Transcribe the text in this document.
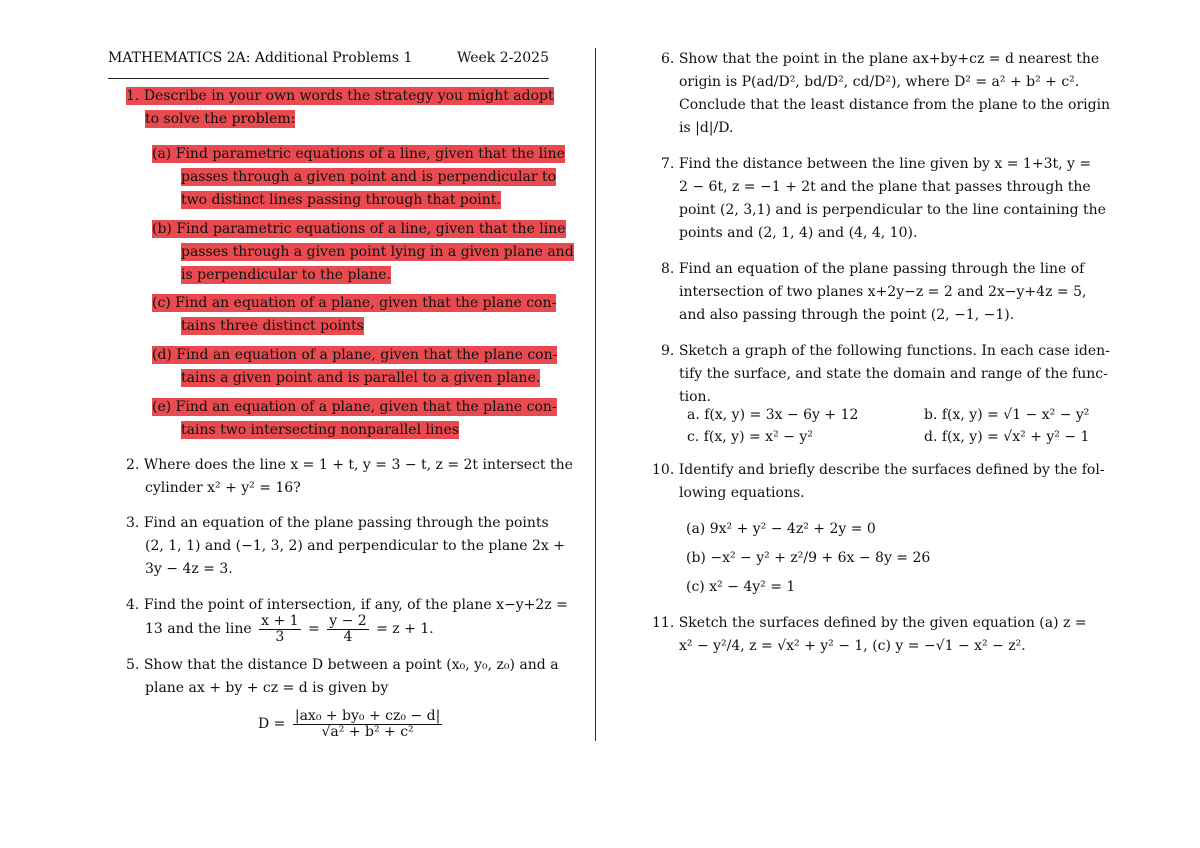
MATHEMATICS 2A: Additional Problems 1	Week 2-2025
1. Describe in your own words the strategy you might adopt
to solve the problem:
(a) Find parametric equations of a line, given that the line
passes through a given point and is perpendicular to
two distinct lines passing through that point.
(b) Find parametric equations of a line, given that the line
passes through a given point lying in a given plane and
is perpendicular to the plane.
(c) Find an equation of a plane, given that the plane con-
tains three distinct points
(d) Find an equation of a plane, given that the plane con-
tains a given point and is parallel to a given plane.
(e) Find an equation of a plane, given that the plane con-
tains two intersecting nonparallel lines
2. Where does the line x = 1 + t, y = 3 − t, z = 2t intersect the
cylinder x² + y² = 16?
3. Find an equation of the plane passing through the points
(2, 1, 1) and (−1, 3, 2) and perpendicular to the plane 2x +
3y − 4z = 3.
4. Find the point of intersection, if any, of the plane x−y+2z =
13 and the line $\frac{x + 1}{3} = \frac{y - 2}{4} = z + 1$.
5. Show that the distance D between a point (x₀, y₀, z₀) and a
plane ax + by + cz = d is given by
$D = \frac{\text{|ax₀ + by₀ + cz₀ − d|}}{\text{√a² + b² + c²}}$
6. Show that the point in the plane ax+by+cz = d nearest the
origin is P(ad/D², bd/D², cd/D²), where D² = a² + b² + c².
Conclude that the least distance from the plane to the origin
is |d|/D.
7. Find the distance between the line given by x = 1+3t, y =
2 − 6t, z = −1 + 2t and the plane that passes through the
point (2, 3,1) and is perpendicular to the line containing the
points and (2, 1, 4) and (4, 4, 10).
8. Find an equation of the plane passing through the line of
intersection of two planes x+2y−z = 2 and 2x−y+4z = 5,
and also passing through the point (2, −1, −1).
9. Sketch a graph of the following functions. In each case iden-
tify the surface, and state the domain and range of the func-
tion.
a. f(x, y) = 3x − 6y + 12	b. f(x, y) = √1 − x² − y²
c. f(x, y) = x² − y²	d. f(x, y) = √x² + y² − 1
10. Identify and briefly describe the surfaces defined by the fol-
lowing equations.
(a) 9x² + y² − 4z² + 2y = 0
(b) −x² − y² + z²/9 + 6x − 8y = 26
(c) x² − 4y² = 1
11. Sketch the surfaces defined by the given equation (a) z =
x² − y²/4, z = √x² + y² − 1, (c) y = −√1 − x² − z².
